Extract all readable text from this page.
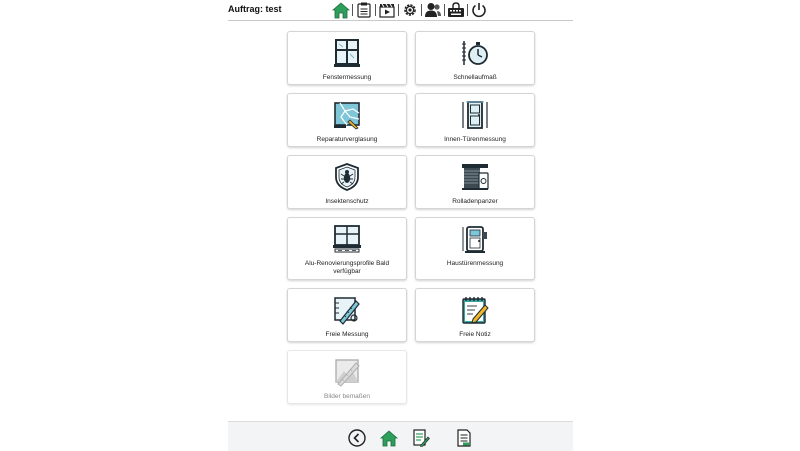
Auftrag: test
Fenstermessung	Schnellaufmaß
Reparaturverglasung	Innen-Türenmessung
Insektenschutz	Rolladenpanzer
Alu-Renovierungsprofile Bald verfügbar
Haustürenmessung
Freie Messung	Freie Notiz
Bilder bemaßen
